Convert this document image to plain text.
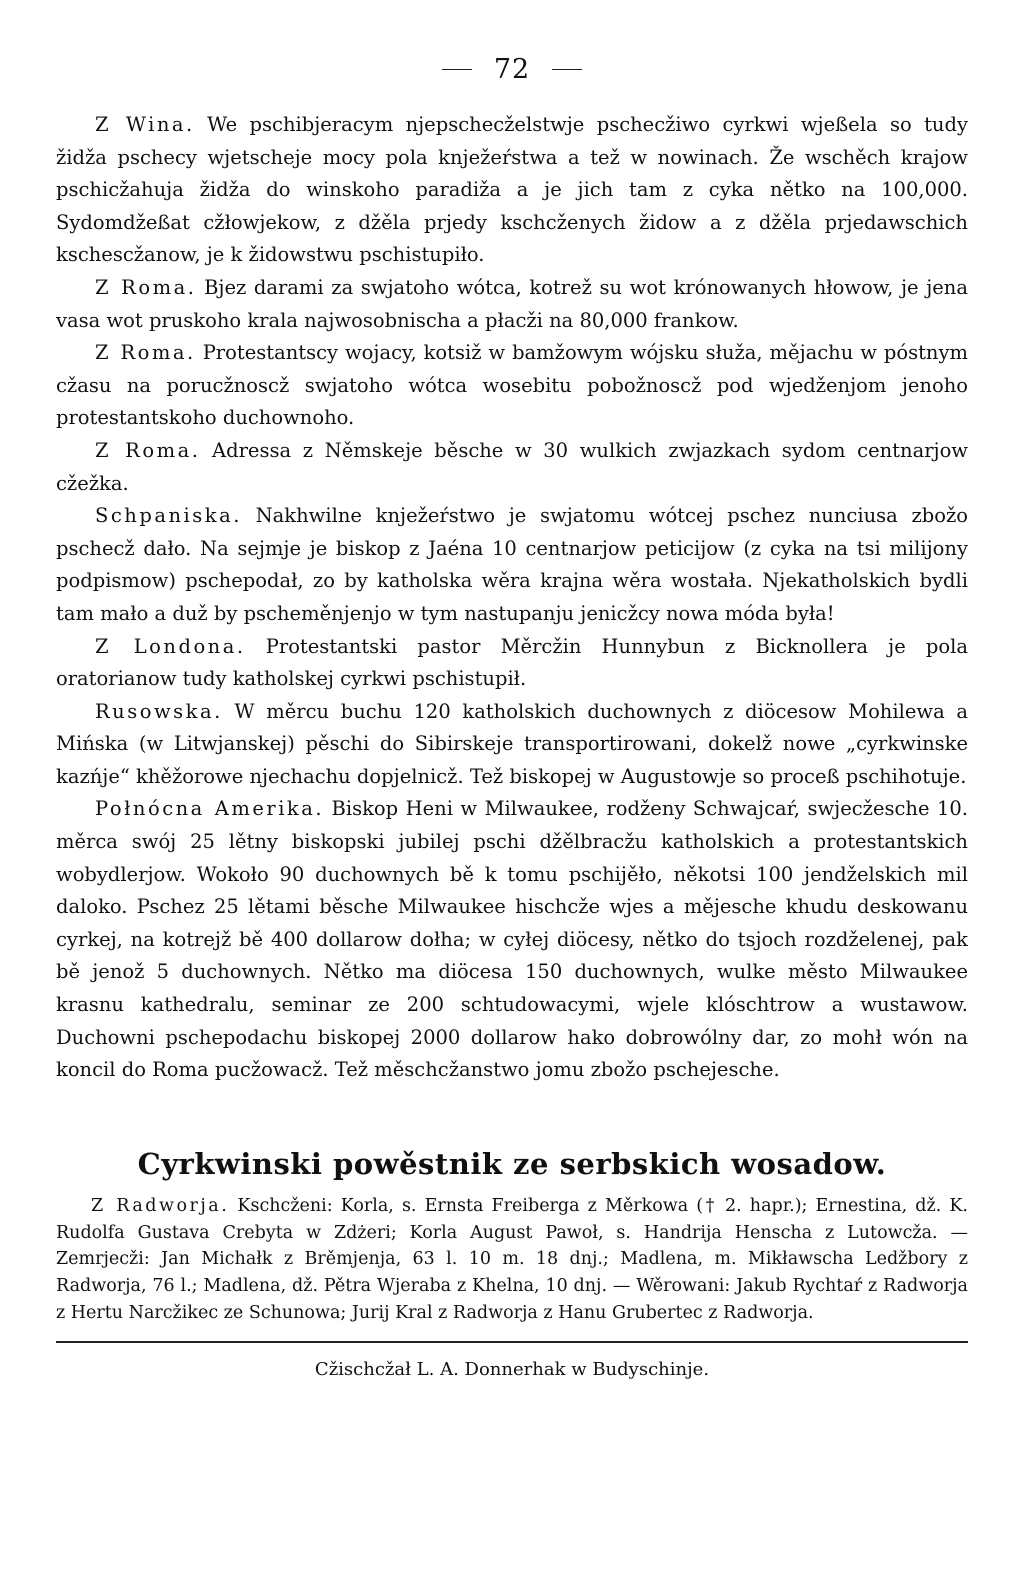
72

Z Wina. We pschibjeracym njepschecželstwje pschecžiwo cyrkwi wjeßela so tudy židža pschecy wjetscheje mocy pola knježeŕstwa a tež w nowinach. Že wschěch krajow pschicžahuja židža do winskoho paradiža a je jich tam z cyka nětko na 100,000. Sydomdžeßat cžłowjekow, z džěla prjedy kschcženych židow a z džěla prjedawschich kschescžanow, je k židowstwu pschistupiło.

Z Roma. Bjez darami za swjatoho wótca, kotrež su wot krónowanych hłowow, je jena vasa wot pruskoho krala najwosobnischa a płacži na 80,000 frankow.

Z Roma. Protestantscy wojacy, kotsiž w bamžowym wójsku słuža, mějachu w póstnym cžasu na porucžnoscž swjatoho wótca wosebitu pobožnoscž pod wjedženjom jenoho protestantskoho duchownoho.

Z Roma. Adressa z Němskeje běsche w 30 wulkich zwjazkach sydom centnarjow cžežka.

Schpaniska. Nakhwilne knježeŕstwo je swjatomu wótcej pschez nunciusa zbožo pschecž dało. Na sejmje je biskop z Jaéna 10 centnarjow peticijow (z cyka na tsi milijony podpismow) pschepodał, zo by katholska wěra krajna wěra wostała. Njekatholskich bydli tam mało a duž by pscheměnjenjo w tym nastupanju jenicžcy nowa móda była!

Z Londona. Protestantski pastor Měrcžin Hunnybun z Bicknollera je pola oratorianow tudy katholskej cyrkwi pschistupił.

Rusowska. W měrcu buchu 120 katholskich duchownych z diöcesow Mohilewa a Mińska (w Litwjanskej) pěschi do Sibirskeje transportirowani, dokelž nowe „cyrkwinske kazńje“ khěžorowe njechachu dopjelnicž. Tež biskopej w Augustowje so proceß pschihotuje.

Połnócna Amerika. Biskop Heni w Milwaukee, rodženy Schwajcaŕ, swjecžesche 10. měrca swój 25 lětny biskopski jubilej pschi džělbracžu katholskich a protestantskich wobydlerjow. Wokoło 90 duchownych bě k tomu pschijěło, někotsi 100 jendželskich mil daloko. Pschez 25 lětami běsche Milwaukee hischcže wjes a mějesche khudu deskowanu cyrkej, na kotrejž bě 400 dollarow dołha; w cyłej diöcesy, nětko do tsjoch rozdželenej, pak bě jenož 5 duchownych. Nětko ma diöcesa 150 duchownych, wulke město Milwaukee krasnu kathedralu, seminar ze 200 schtudowacymi, wjele klóschtrow a wustawow. Duchowni pschepodachu biskopej 2000 dollarow hako dobrowólny dar, zo mohł wón na koncil do Roma pucžowacž. Tež měschcžanstwo jomu zbožo pschejesche.

Cyrkwinski powěstnik ze serbskich wosadow.

Z Radworja. Kschcženi: Korla, s. Ernsta Freiberga z Měrkowa († 2. hapr.); Ernestina, dž. K. Rudolfa Gustava Crebyta w Zdżeri; Korla August Pawoł, s. Handrija Henscha z Lutowcža. — Zemrjecži: Jan Michałk z Brěmjenja, 63 l. 10 m. 18 dnj.; Madlena, m. Mikławscha Ledžbory z Radworja, 76 l.; Madlena, dž. Pětra Wjeraba z Khelna, 10 dnj. — Wěrowani: Jakub Rychtaŕ z Radworja z Hertu Narcžikec ze Schunowa; Jurij Kral z Radworja z Hanu Grubertec z Radworja.

Cžischcžał L. A. Donnerhak w Budyschinje.
